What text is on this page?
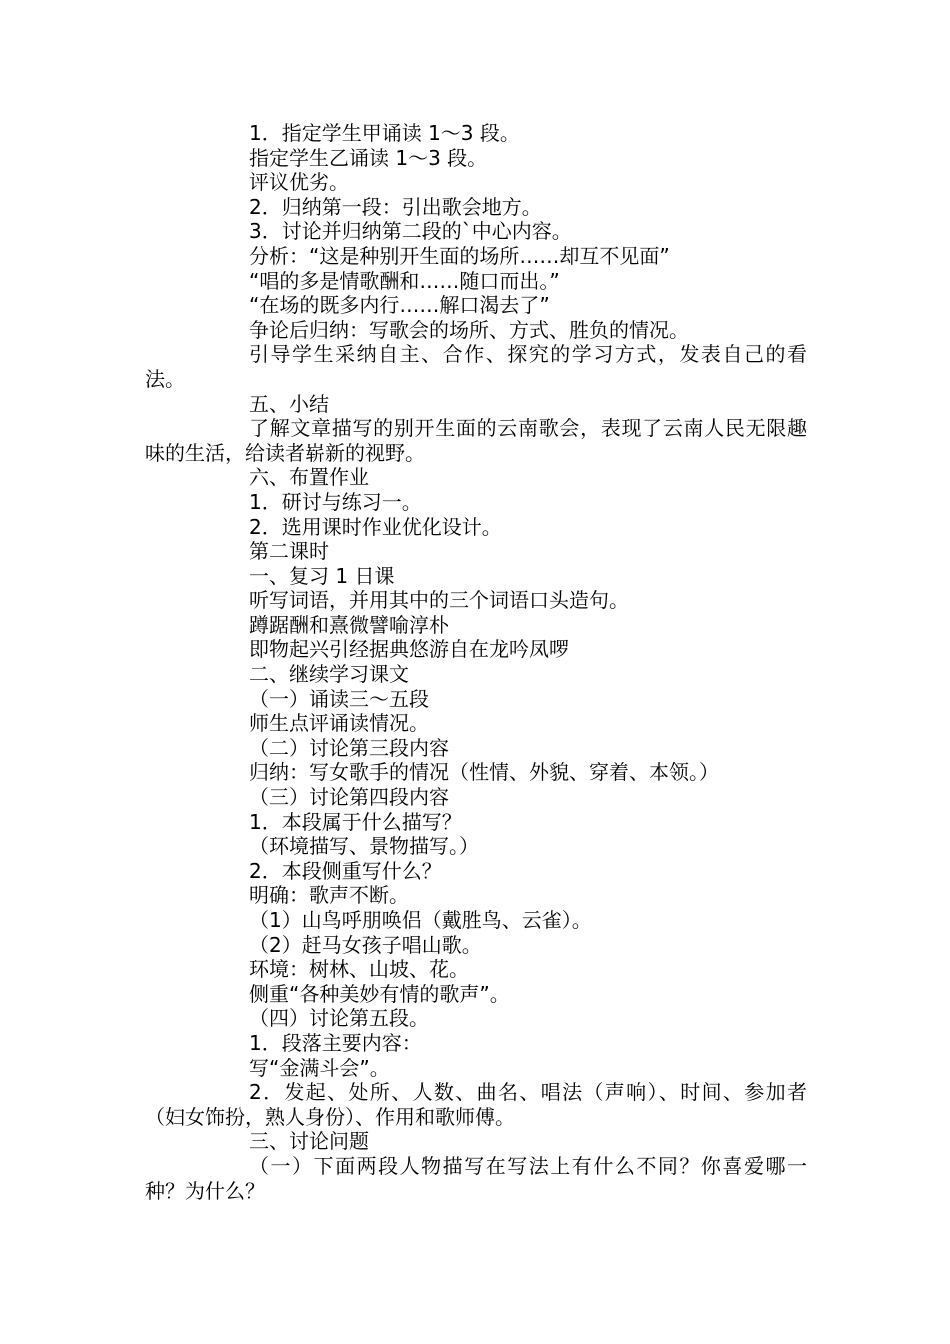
1．指定学生甲诵读 1～3 段。
指定学生乙诵读 1～3 段。
评议优劣。
2．归纳第一段：引出歌会地方。
3．讨论并归纳第二段的`中心内容。
分析：“这是种别开生面的场所……却互不见面”
“唱的多是情歌酬和……随口而出。”
“在场的既多内行……解口渴去了”
争论后归纳：写歌会的场所、方式、胜负的情况。
引导学生采纳自主、合作、探究的学习方式，发表自己的看法。
五、小结
了解文章描写的别开生面的云南歌会，表现了云南人民无限趣味的生活，给读者崭新的视野。
六、布置作业
1．研讨与练习一。
2．选用课时作业优化设计。
第二课时
一、复习 1 日课
听写词语，并用其中的三个词语口头造句。
蹲踞酬和熹微譬喻淳朴
即物起兴引经据典悠游自在龙吟凤啰
二、继续学习课文
（一）诵读三～五段
师生点评诵读情况。
（二）讨论第三段内容
归纳：写女歌手的情况（性情、外貌、穿着、本领。）
（三）讨论第四段内容
1．本段属于什么描写？
（环境描写、景物描写。）
2．本段侧重写什么？
明确：歌声不断。
（1）山鸟呼朋唤侣（戴胜鸟、云雀）。
（2）赶马女孩子唱山歌。
环境：树林、山坡、花。
侧重“各种美妙有情的歌声”。
（四）讨论第五段。
1．段落主要内容：
写“金满斗会”。
2．发起、处所、人数、曲名、唱法（声响）、时间、参加者（妇女饰扮，熟人身份）、作用和歌师傅。
三、讨论问题
（一）下面两段人物描写在写法上有什么不同？你喜爱哪一种？为什么？
